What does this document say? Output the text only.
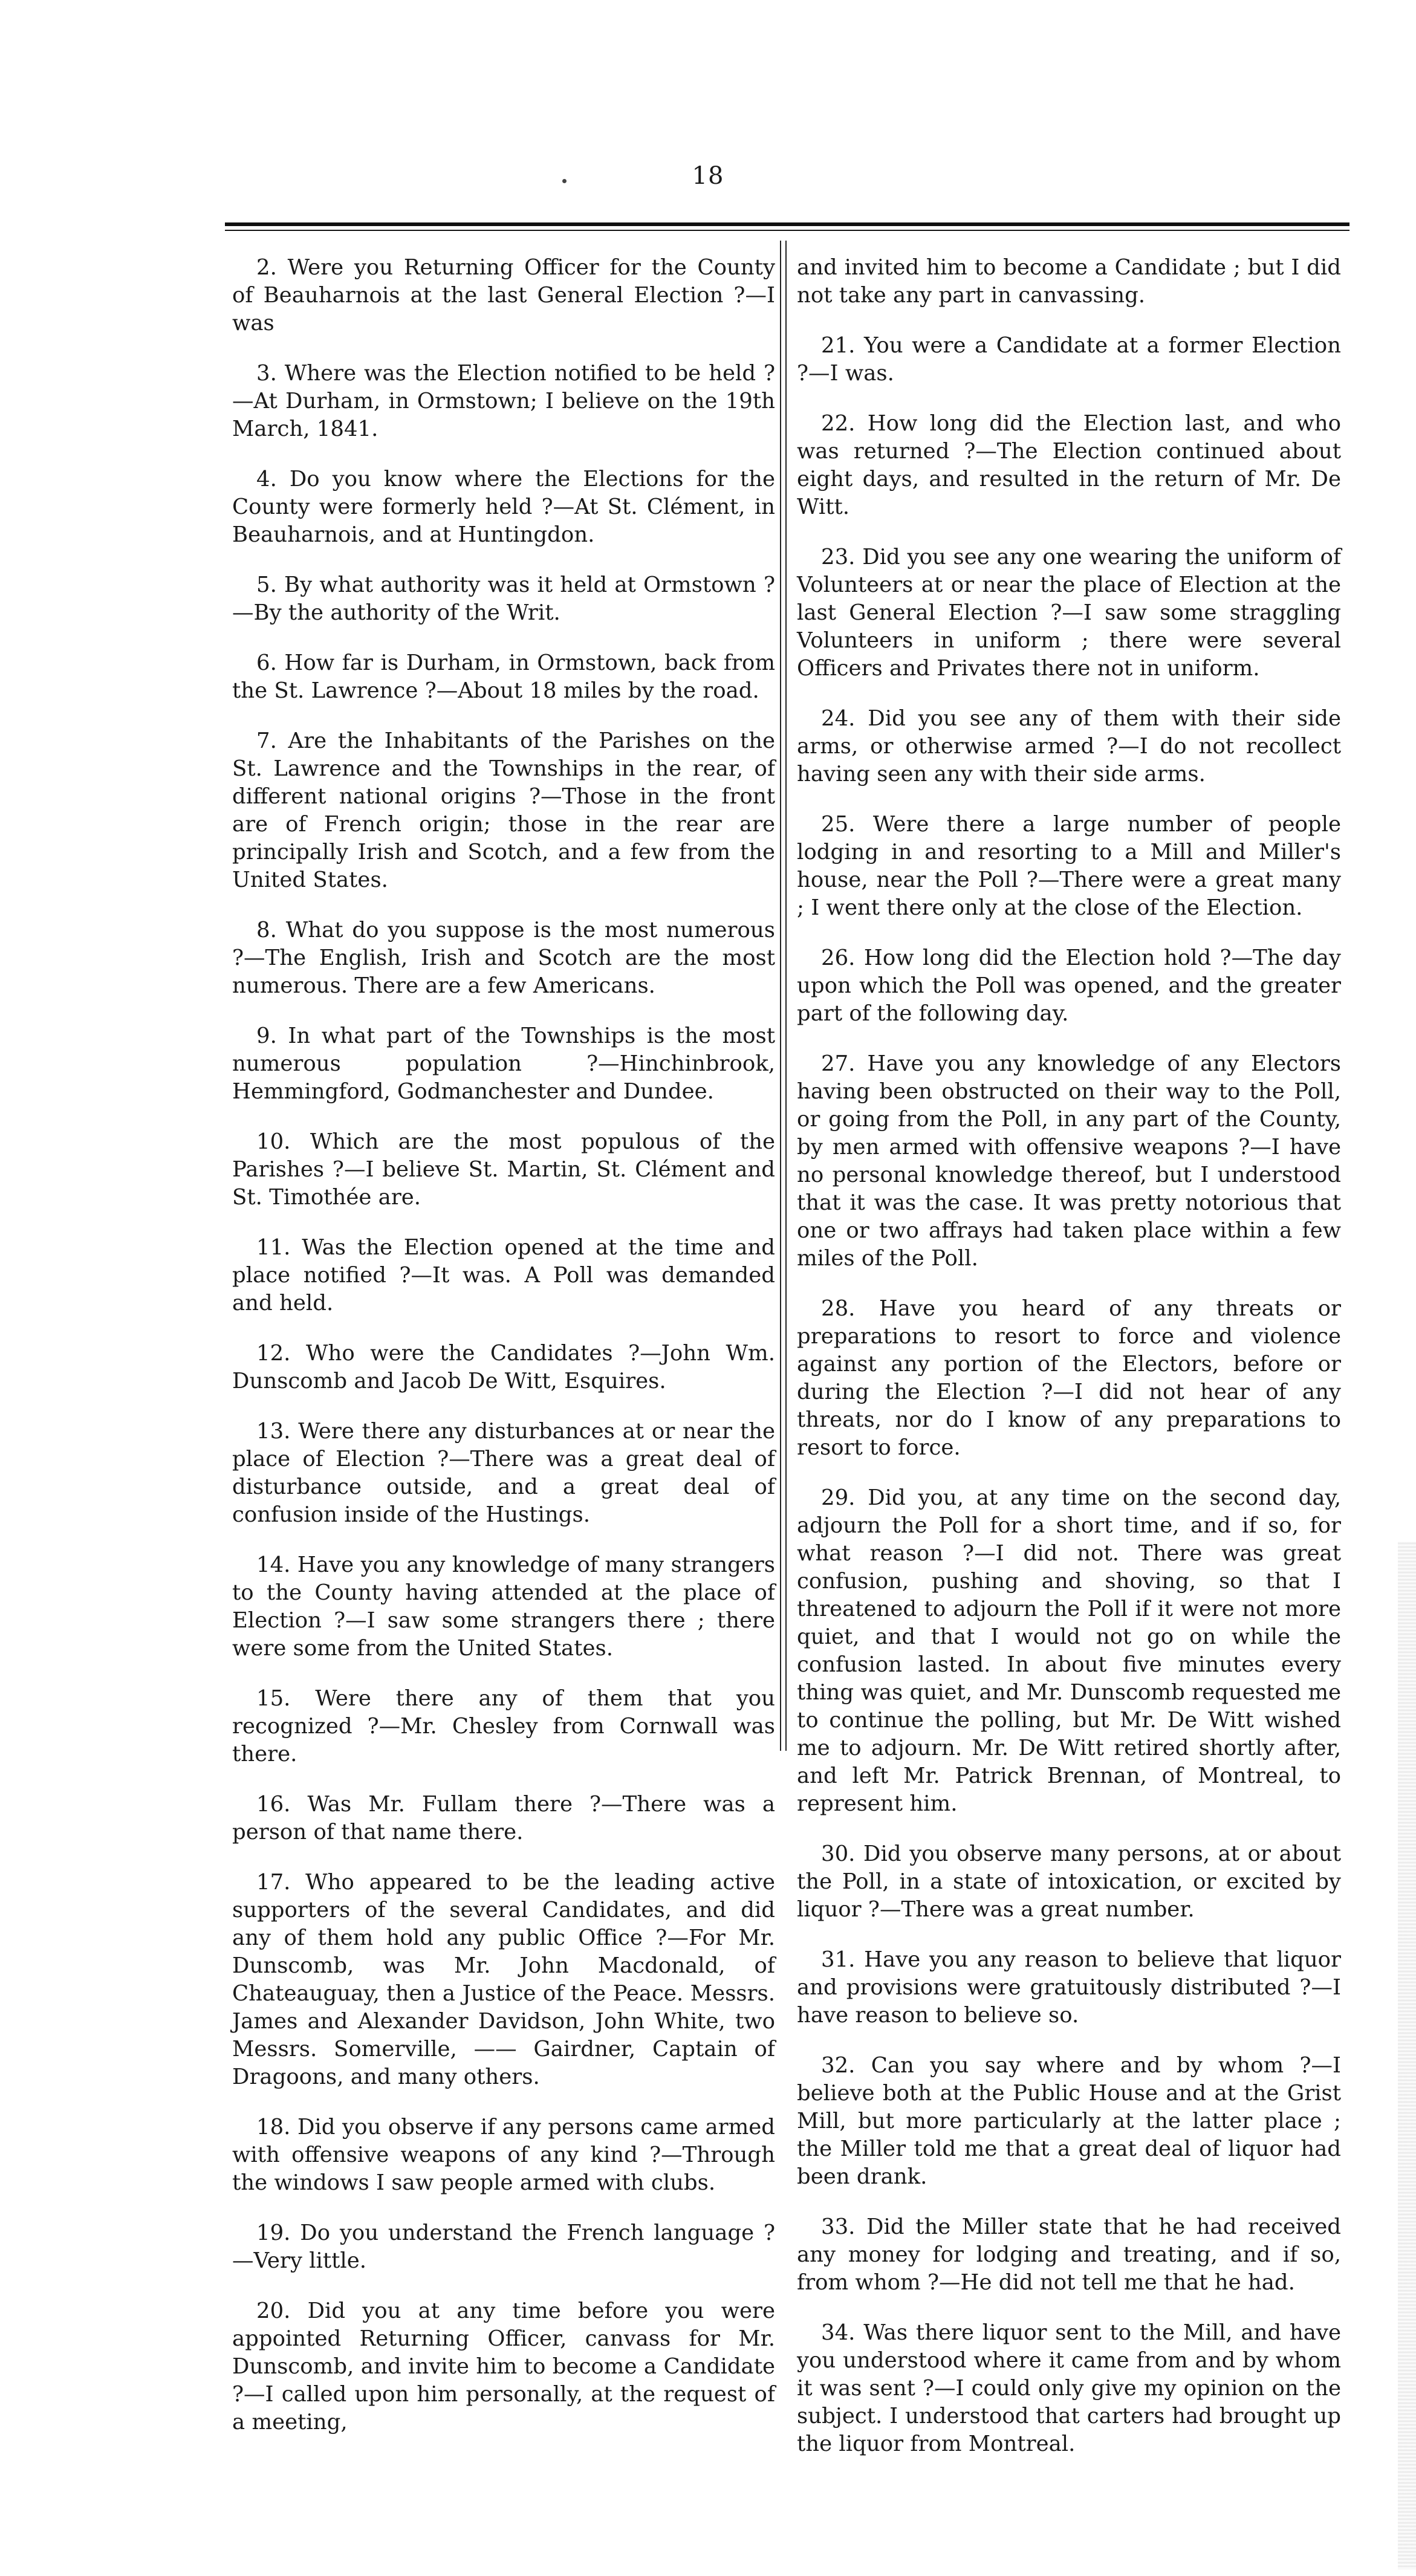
18

2. Were you Returning Officer for the County of Beauharnois at the last General Election ?—I was

3. Where was the Election notified to be held ?—At Durham, in Ormstown; I believe on the 19th March, 1841.

4. Do you know where the Elections for the County were formerly held ?—At St. Clément, in Beauharnois, and at Huntingdon.

5. By what authority was it held at Ormstown ?—By the authority of the Writ.

6. How far is Durham, in Ormstown, back from the St. Lawrence ?—About 18 miles by the road.

7. Are the Inhabitants of the Parishes on the St. Lawrence and the Townships in the rear, of different national origins ?—Those in the front are of French origin; those in the rear are principally Irish and Scotch, and a few from the United States.

8. What do you suppose is the most numerous ?—The English, Irish and Scotch are the most numerous. There are a few Americans.

9. In what part of the Townships is the most numerous population ?—Hinchinbrook, Hemmingford, Godmanchester and Dundee.

10. Which are the most populous of the Parishes ?—I believe St. Martin, St. Clément and St. Timothée are.

11. Was the Election opened at the time and place notified ?—It was. A Poll was demanded and held.

12. Who were the Candidates ?—John Wm. Dunscomb and Jacob De Witt, Esquires.

13. Were there any disturbances at or near the place of Election ?—There was a great deal of disturbance outside, and a great deal of confusion inside of the Hustings.

14. Have you any knowledge of many strangers to the County having attended at the place of Election ?—I saw some strangers there ; there were some from the United States.

15. Were there any of them that you recognized ?—Mr. Chesley from Cornwall was there.

16. Was Mr. Fullam there ?—There was a person of that name there.

17. Who appeared to be the leading active supporters of the several Candidates, and did any of them hold any public Office ?—For Mr. Dunscomb, was Mr. John Macdonald, of Chateauguay, then a Justice of the Peace. Messrs. James and Alexander Davidson, John White, two Messrs. Somerville, —— Gairdner, Captain of Dragoons, and many others.

18. Did you observe if any persons came armed with offensive weapons of any kind ?—Through the windows I saw people armed with clubs.

19. Do you understand the French language ?—Very little.

20. Did you at any time before you were appointed Returning Officer, canvass for Mr. Dunscomb, and invite him to become a Candidate ?—I called upon him personally, at the request of a meeting,

and invited him to become a Candidate ; but I did not take any part in canvassing.

21. You were a Candidate at a former Election ?—I was.

22. How long did the Election last, and who was returned ?—The Election continued about eight days, and resulted in the return of Mr. De Witt.

23. Did you see any one wearing the uniform of Volunteers at or near the place of Election at the last General Election ?—I saw some straggling Volunteers in uniform ; there were several Officers and Privates there not in uniform.

24. Did you see any of them with their side arms, or otherwise armed ?—I do not recollect having seen any with their side arms.

25. Were there a large number of people lodging in and resorting to a Mill and Miller's house, near the Poll ?—There were a great many ; I went there only at the close of the Election.

26. How long did the Election hold ?—The day upon which the Poll was opened, and the greater part of the following day.

27. Have you any knowledge of any Electors having been obstructed on their way to the Poll, or going from the Poll, in any part of the County, by men armed with offensive weapons ?—I have no personal knowledge thereof, but I understood that it was the case. It was pretty notorious that one or two affrays had taken place within a few miles of the Poll.

28. Have you heard of any threats or preparations to resort to force and violence against any portion of the Electors, before or during the Election ?—I did not hear of any threats, nor do I know of any preparations to resort to force.

29. Did you, at any time on the second day, adjourn the Poll for a short time, and if so, for what reason ?—I did not. There was great confusion, pushing and shoving, so that I threatened to adjourn the Poll if it were not more quiet, and that I would not go on while the confusion lasted. In about five minutes every thing was quiet, and Mr. Dunscomb requested me to continue the polling, but Mr. De Witt wished me to adjourn. Mr. De Witt retired shortly after, and left Mr. Patrick Brennan, of Montreal, to represent him.

30. Did you observe many persons, at or about the Poll, in a state of intoxication, or excited by liquor ?—There was a great number.

31. Have you any reason to believe that liquor and provisions were gratuitously distributed ?—I have reason to believe so.

32. Can you say where and by whom ?—I believe both at the Public House and at the Grist Mill, but more particularly at the latter place ; the Miller told me that a great deal of liquor had been drank.

33. Did the Miller state that he had received any money for lodging and treating, and if so, from whom ?—He did not tell me that he had.

34. Was there liquor sent to the Mill, and have you understood where it came from and by whom it was sent ?—I could only give my opinion on the subject. I understood that carters had brought up the liquor from Montreal.
